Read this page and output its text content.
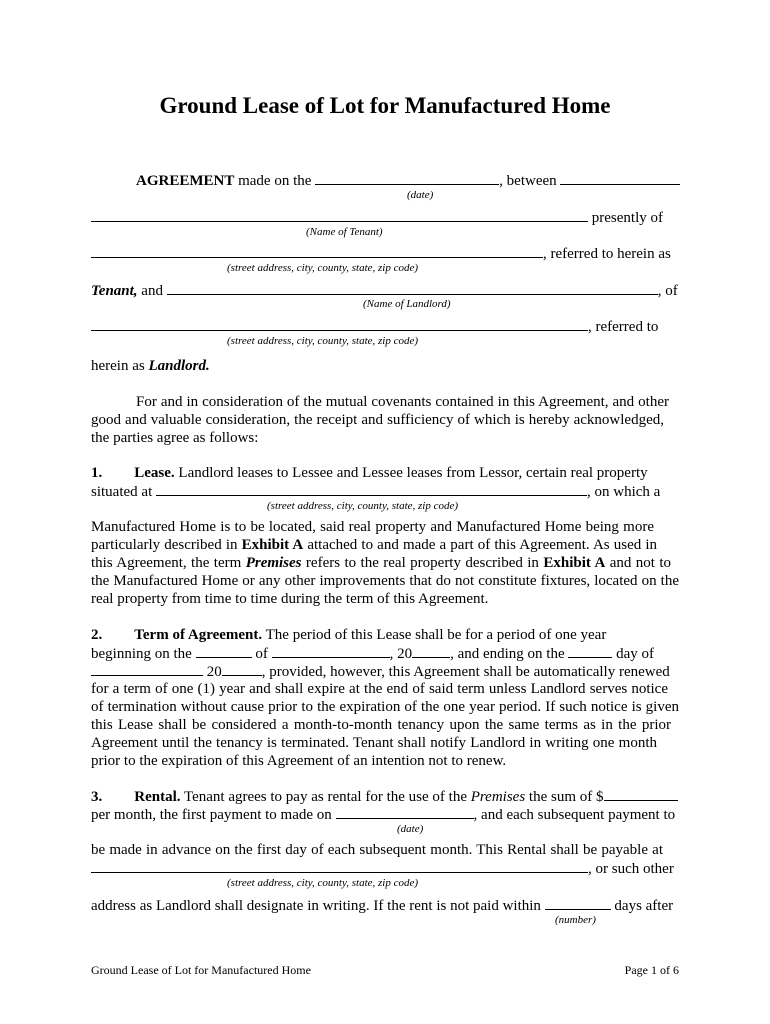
Ground Lease of Lot for Manufactured Home
AGREEMENT made on the	, between
(date)
presently of
(Name of Tenant)
, referred to herein as
(street address, city, county, state, zip code)
Tenant, and	, of
(Name of Landlord)
, referred to
(street address, city, county, state, zip code)
herein as Landlord.
For and in consideration of the mutual covenants contained in this Agreement, and other
good and valuable consideration, the receipt and sufficiency of which is hereby acknowledged,
the parties agree as follows:
1. Lease. Landlord leases to Lessee and Lessee leases from Lessor, certain real property
situated at	, on which a
(street address, city, county, state, zip code)
Manufactured Home is to be located, said real property and Manufactured Home being more
particularly described in Exhibit A attached to and made a part of this Agreement. As used in
this Agreement, the term Premises refers to the real property described in Exhibit A and not to
the Manufactured Home or any other improvements that do not constitute fixtures, located on the
real property from time to time during the term of this Agreement.
2. Term of Agreement. The period of this Lease shall be for a period of one year
beginning on the	of	, 20	, and ending on the	day of
20	, provided, however, this Agreement shall be automatically renewed
for a term of one (1) year and shall expire at the end of said term unless Landlord serves notice
of termination without cause prior to the expiration of the one year period. If such notice is given
this Lease shall be considered a month-to-month tenancy upon the same terms as in the prior
Agreement until the tenancy is terminated. Tenant shall notify Landlord in writing one month
prior to the expiration of this Agreement of an intention not to renew.
3. Rental. Tenant agrees to pay as rental for the use of the Premises the sum of $
per month, the first payment to made on	, and each subsequent payment to
(date)
be made in advance on the first day of each subsequent month. This Rental shall be payable at
, or such other
(street address, city, county, state, zip code)
address as Landlord shall designate in writing. If the rent is not paid within	days after
(number)
Ground Lease of Lot for Manufactured Home	Page 1 of 6
